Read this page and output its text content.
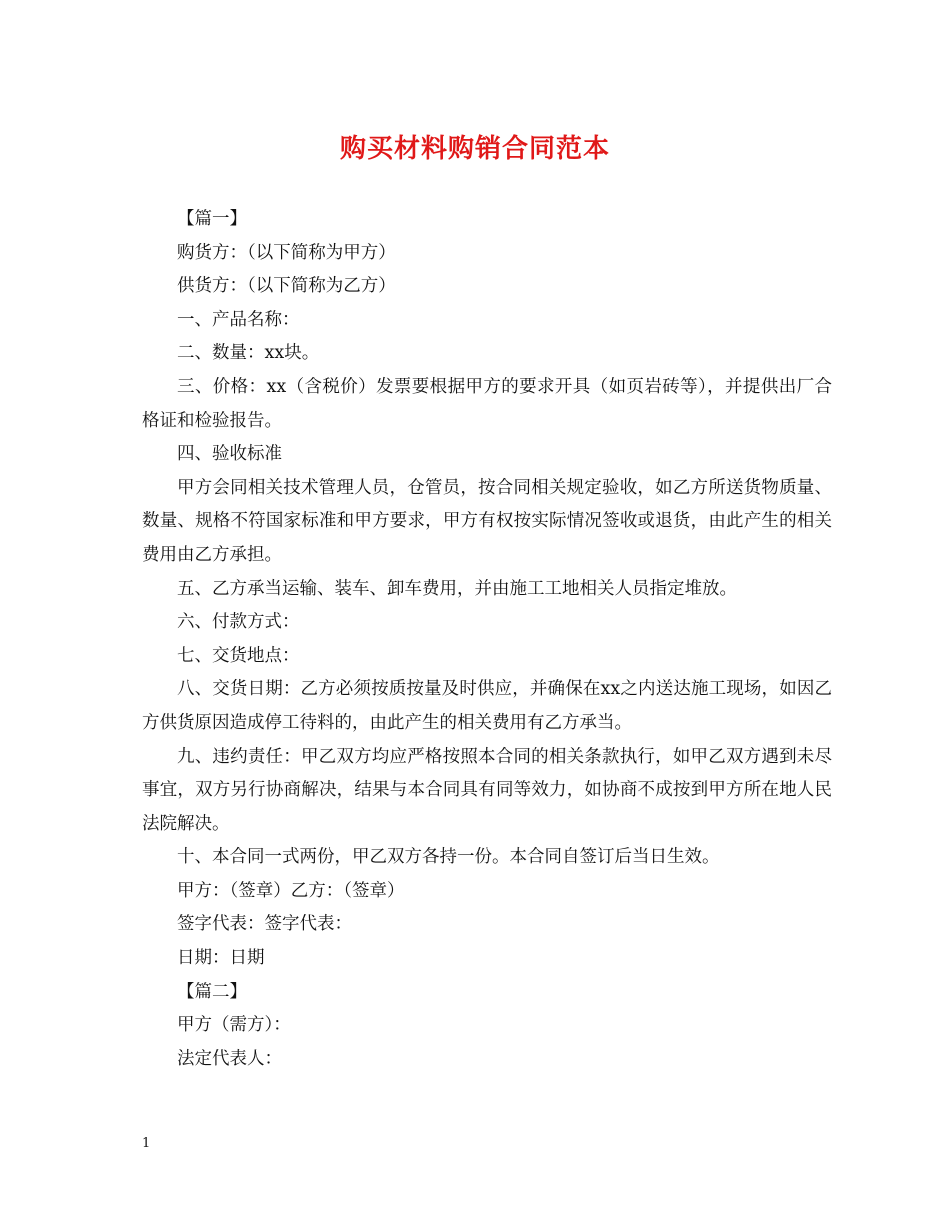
购买材料购销合同范本

【篇一】

购货方：（以下简称为甲方）

供货方：（以下简称为乙方）

一、产品名称：

二、数量：xx块。

三、价格：xx（含税价）发票要根据甲方的要求开具（如页岩砖等），并提供出厂合格证和检验报告。

四、验收标准

甲方会同相关技术管理人员，仓管员，按合同相关规定验收，如乙方所送货物质量、数量、规格不符国家标准和甲方要求，甲方有权按实际情况签收或退货，由此产生的相关费用由乙方承担。

五、乙方承当运输、装车、卸车费用，并由施工工地相关人员指定堆放。

六、付款方式：

七、交货地点：

八、交货日期：乙方必须按质按量及时供应，并确保在xx之内送达施工现场，如因乙方供货原因造成停工待料的，由此产生的相关费用有乙方承当。

九、违约责任：甲乙双方均应严格按照本合同的相关条款执行，如甲乙双方遇到未尽事宜，双方另行协商解决，结果与本合同具有同等效力，如协商不成按到甲方所在地人民法院解决。

十、本合同一式两份，甲乙双方各持一份。本合同自签订后当日生效。

甲方：（签章）乙方：（签章）

签字代表：签字代表：

日期：日期

【篇二】

甲方（需方）：

法定代表人：

1
